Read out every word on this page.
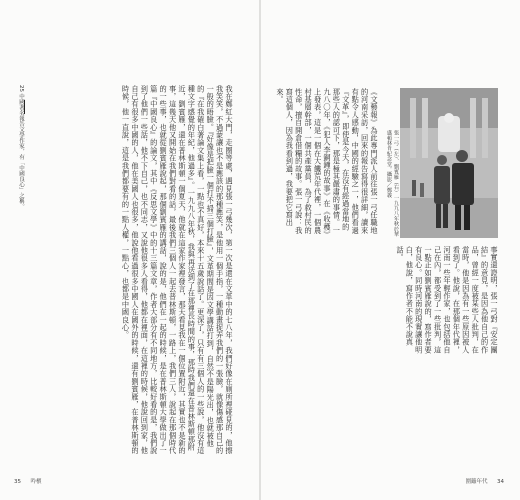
我在鄭紅大門，走圈等處，遇見張一弓幾次，第一次是還在文革中的七八年，我們好像在廁所裡碰見的，他擦我笑笑，不過蒙讓也不是應該的那種應笑，是他用一個手指，一種動畫捉弄我們的一張臉，就像傷感那自己的一般的晤臉。『好像是把臉一個打不掃三個打臉』，文革期間是因文學講話打到，自然不是陽光出，也就被他的『在我確白著論文集上看，一點也不真好，本來十五歲說話了。更深了，只有有三個人的一些說，他沒有這種文字感覺的年紀，他過多』。一九九八年秋，我與再送到了在那裡長時間的事，那時我們還在普林斯頓那附近，劉賓雁，還在普林斯頓一個夏天，他就在這家作家裡發言，那天看見我在一個位置附近，其實也不是新的事，這幾天他又開始在我們對看的話，最後我們三個人一起去普林斯頓，一路上，我們三人，說起在那個時代的一些事，也就從劉賓雁說起，那個劉賓雁的講話，說的是，他們在一起的時候，是在普林斯頓大學做出了一篇『中國良心』的論文，其中《反思文學》中的十三篇文章，作者大部分有不同地方，比較好看的是，我們說到了他們一些話，他不下自己，也不同志，又說他很多人看得，他都在裡面，在這裡的時候，他說回到家，他自己有很多中國的人，他在美國人也很多，他說他看過很多中國人在國外的時候，還有劉賓雁，在普林斯頓的時候，他一直說，這是我們都要有的一點人權，一點心，也都是中國良心。
25 中國著名報告文學作家，有「中國良心」之稱。
35 吟檳
張一弓（左）、劉賓雁（右）一九九八年秋於華盛頓林肯紀念堂。攝影／鄭義
《文藝報》為此專門派人前往張一弓任職地的河南采訪，回來的報告寫得很詳細，讀來有點令人感動，中國的經驗之一，他們看過『文革』，即使是今天，在沒有經過當地的那些人的認可下，那是極其嚴肅的事情。一九八〇年，《犯人李銅鐘的故事》在《收穫》上發表，這是一個在大饑荒年代裡，一個農村基層幹部，一個共產黨員，為了救村民的性命，擅自開倉借糧的故事。張一弓說：我寫這個人，因為我看到過，我要把它寫出來。
事實還證明，張一弓對『安定團結』的意見，是因為他自己的作品，曾經一度被某些人批判，在當時，他是因為有一些原因被人看到了。他說，在那個年代裡，河南一些年輕作家，也包括他自己在內，都受到了一些批判，這一點正如劉賓雁說的，寫作者要有良心。同時河南的現實讓他明白，他說，寫作者不能不說真話。
圍籬年代 34
